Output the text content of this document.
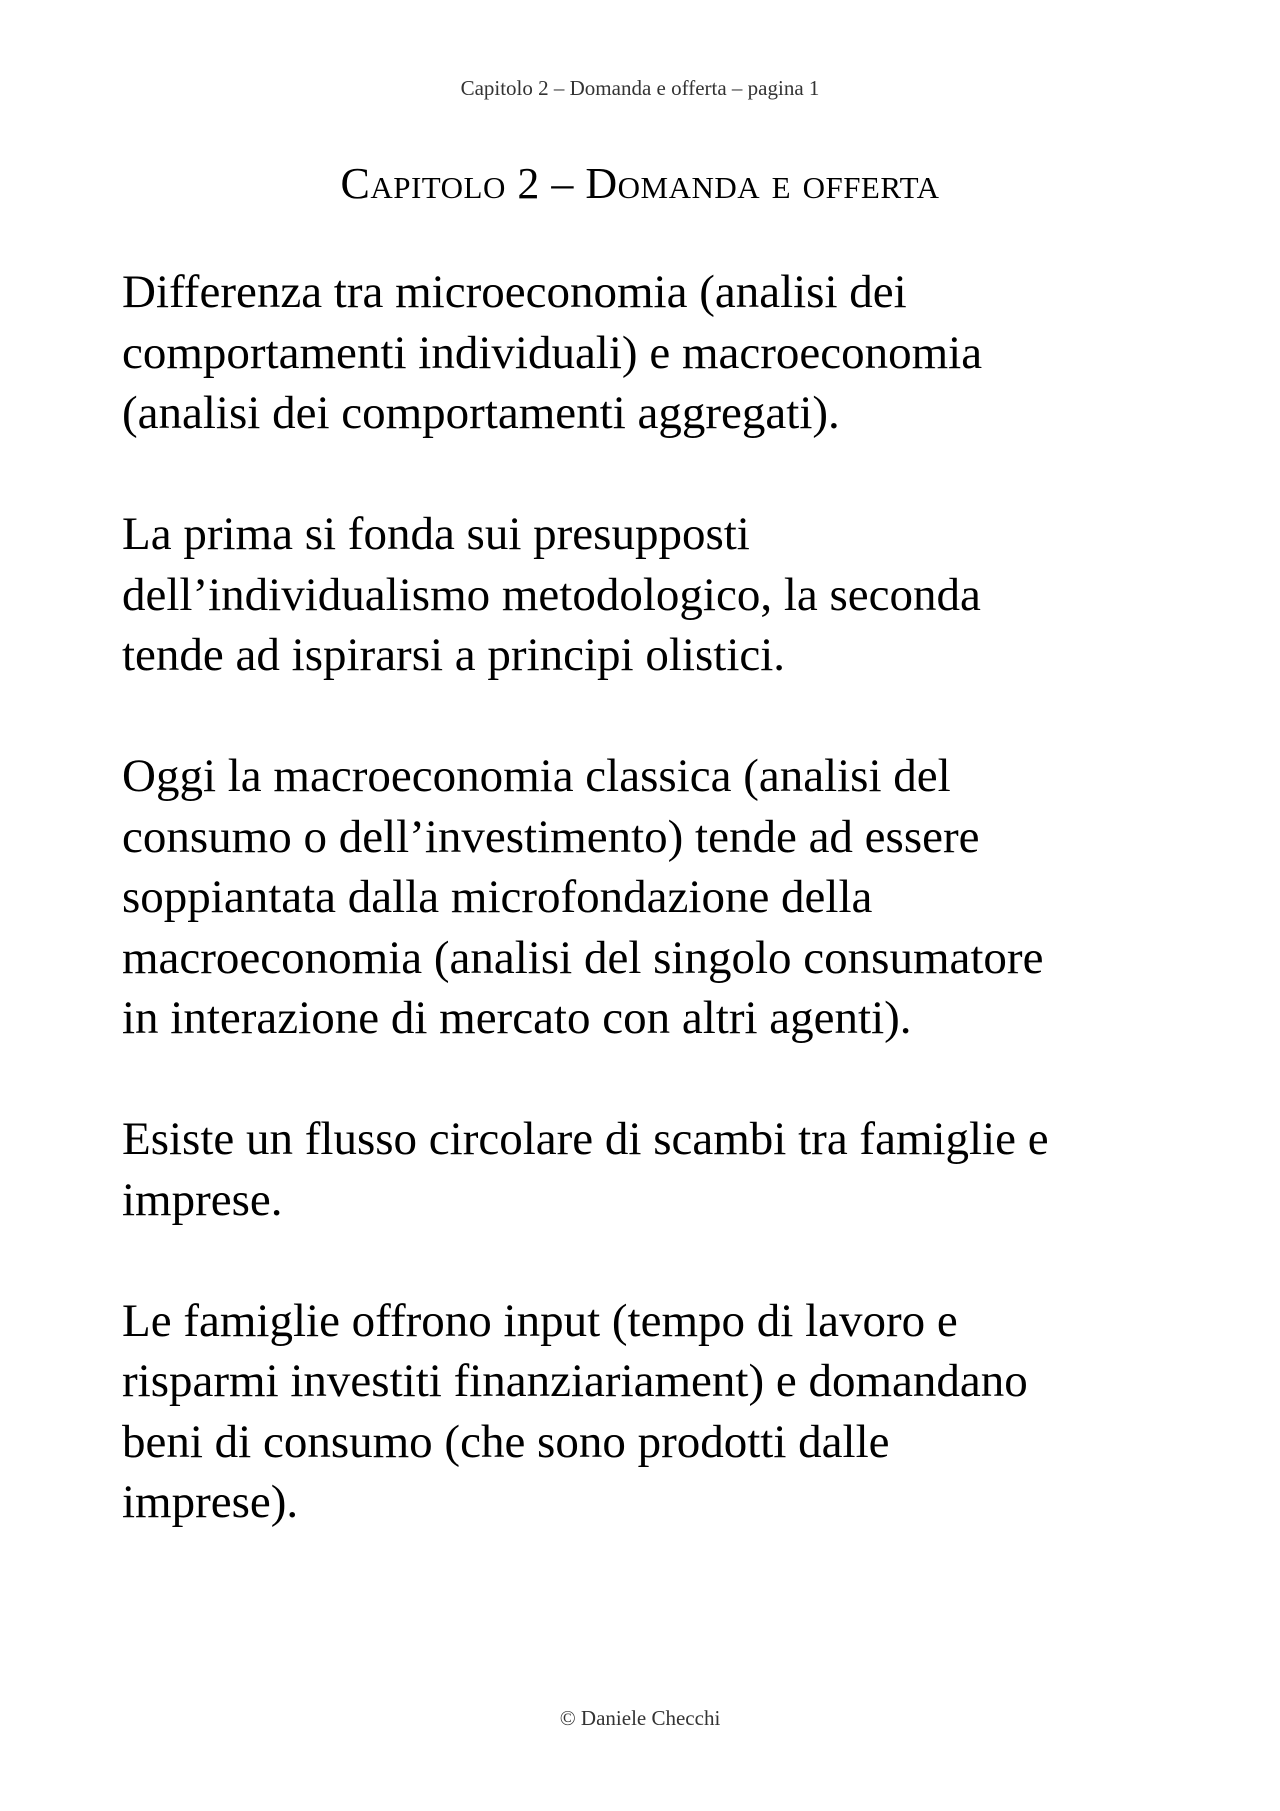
Capitolo 2 – Domanda e offerta – pagina 1
Capitolo 2 – Domanda e offerta

Differenza tra microeconomia (analisi dei
comportamenti individuali) e macroeconomia
(analisi dei comportamenti aggregati).

La prima si fonda sui presupposti
dell’individualismo metodologico, la seconda
tende ad ispirarsi a principi olistici.

Oggi la macroeconomia classica (analisi del
consumo o dell’investimento) tende ad essere
soppiantata dalla microfondazione della
macroeconomia (analisi del singolo consumatore
in interazione di mercato con altri agenti).

Esiste un flusso circolare di scambi tra famiglie e
imprese.

Le famiglie offrono input (tempo di lavoro e
risparmi investiti finanziariament) e domandano
beni di consumo (che sono prodotti dalle
imprese).

© Daniele Checchi
